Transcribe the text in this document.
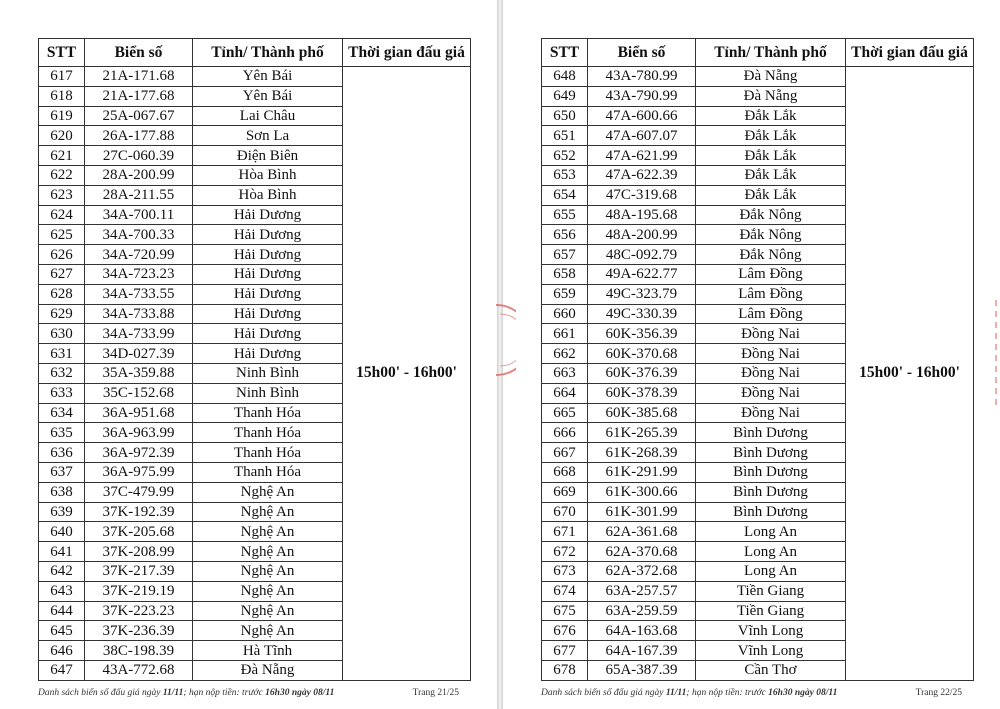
STT	Biển số	Tỉnh/ Thành phố	Thời gian đấu giá
617	21A-171.68	Yên Bái	15h00' - 16h00'
618	21A-177.68	Yên Bái	
619	25A-067.67	Lai Châu	
620	26A-177.88	Sơn La	
621	27C-060.39	Điện Biên	
622	28A-200.99	Hòa Bình	
623	28A-211.55	Hòa Bình	
624	34A-700.11	Hải Dương	
625	34A-700.33	Hải Dương	
626	34A-720.99	Hải Dương	
627	34A-723.23	Hải Dương	
628	34A-733.55	Hải Dương	
629	34A-733.88	Hải Dương	
630	34A-733.99	Hải Dương	
631	34D-027.39	Hải Dương	
632	35A-359.88	Ninh Bình	
633	35C-152.68	Ninh Bình	
634	36A-951.68	Thanh Hóa	
635	36A-963.99	Thanh Hóa	
636	36A-972.39	Thanh Hóa	
637	36A-975.99	Thanh Hóa	
638	37C-479.99	Nghệ An	
639	37K-192.39	Nghệ An	
640	37K-205.68	Nghệ An	
641	37K-208.99	Nghệ An	
642	37K-217.39	Nghệ An	
643	37K-219.19	Nghệ An	
644	37K-223.23	Nghệ An	
645	37K-236.39	Nghệ An	
646	38C-198.39	Hà Tĩnh	
647	43A-772.68	Đà Nẵng	
Danh sách biển số đấu giá ngày 11/11; hạn nộp tiền: trước 16h30 ngày 08/11	Trang 21/25
STT	Biển số	Tỉnh/ Thành phố	Thời gian đấu giá
648	43A-780.99	Đà Nẵng	15h00' - 16h00'
649	43A-790.99	Đà Nẵng	
650	47A-600.66	Đắk Lắk	
651	47A-607.07	Đắk Lắk	
652	47A-621.99	Đắk Lắk	
653	47A-622.39	Đắk Lắk	
654	47C-319.68	Đắk Lắk	
655	48A-195.68	Đắk Nông	
656	48A-200.99	Đắk Nông	
657	48C-092.79	Đắk Nông	
658	49A-622.77	Lâm Đồng	
659	49C-323.79	Lâm Đồng	
660	49C-330.39	Lâm Đồng	
661	60K-356.39	Đồng Nai	
662	60K-370.68	Đồng Nai	
663	60K-376.39	Đồng Nai	
664	60K-378.39	Đồng Nai	
665	60K-385.68	Đồng Nai	
666	61K-265.39	Bình Dương	
667	61K-268.39	Bình Dương	
668	61K-291.99	Bình Dương	
669	61K-300.66	Bình Dương	
670	61K-301.99	Bình Dương	
671	62A-361.68	Long An	
672	62A-370.68	Long An	
673	62A-372.68	Long An	
674	63A-257.57	Tiền Giang	
675	63A-259.59	Tiền Giang	
676	64A-163.68	Vĩnh Long	
677	64A-167.39	Vĩnh Long	
678	65A-387.39	Cần Thơ	
Danh sách biển số đấu giá ngày 11/11; hạn nộp tiền: trước 16h30 ngày 08/11	Trang 22/25
